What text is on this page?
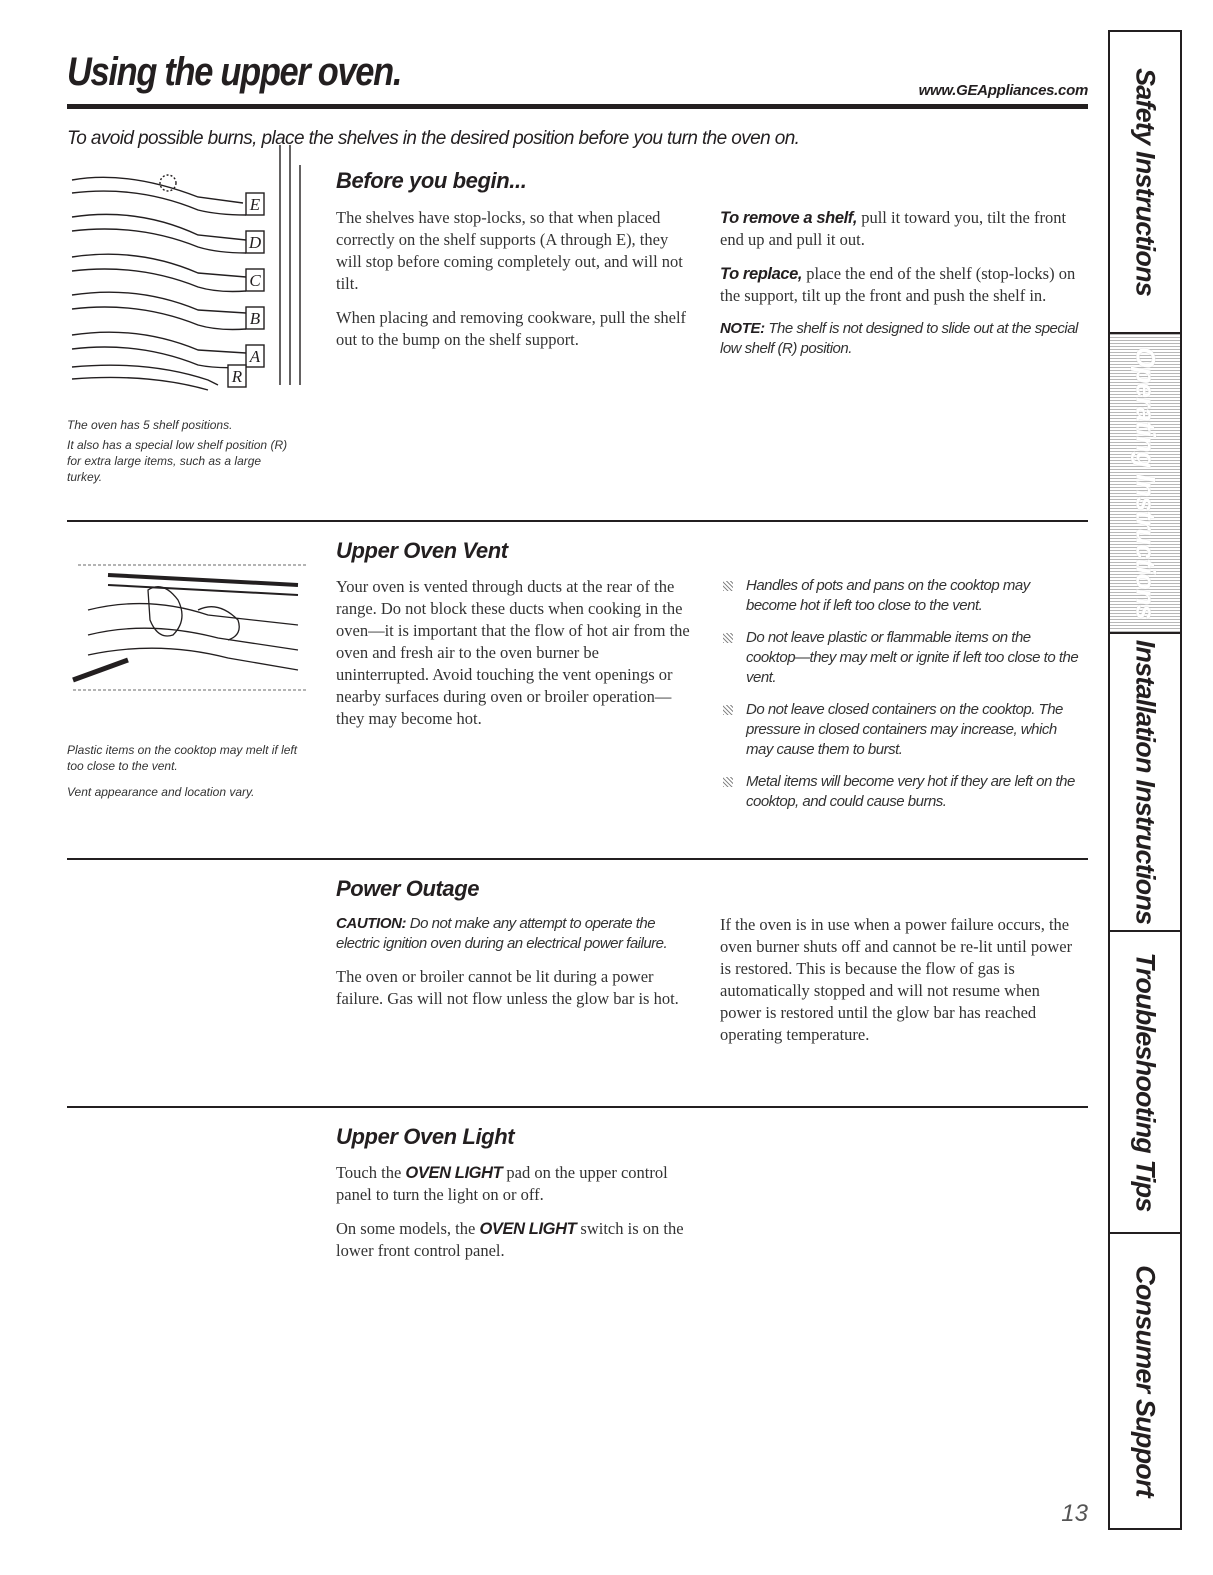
Using the upper oven.	www.GEAppliances.com
To avoid possible burns, place the shelves in the desired position before you turn the oven on.
E
D
C
B
A
R

The oven has 5 shelf positions.

It also has a special low shelf position (R) for extra large items, such as a large turkey.

Before you begin...

The shelves have stop-locks, so that when placed correctly on the shelf supports (A through E), they will stop before coming completely out, and will not tilt.

When placing and removing cookware, pull the shelf out to the bump on the shelf support.

To remove a shelf, pull it toward you, tilt the front end up and pull it out.

To replace, place the end of the shelf (stop-locks) on the support, tilt up the front and push the shelf in.

NOTE: The shelf is not designed to slide out at the special low shelf (R) position.

Plastic items on the cooktop may melt if left too close to the vent.

Vent appearance and location vary.

Upper Oven Vent

Your oven is vented through ducts at the rear of the range. Do not block these ducts when cooking in the oven—it is important that the flow of hot air from the oven and fresh air to the oven burner be uninterrupted. Avoid touching the vent openings or nearby surfaces during oven or broiler operation—they may become hot.

Handles of pots and pans on the cooktop may become hot if left too close to the vent.
Do not leave plastic or flammable items on the cooktop—they may melt or ignite if left too close to the vent.
Do not leave closed containers on the cooktop. The pressure in closed containers may increase, which may cause them to burst.
Metal items will become very hot if they are left on the cooktop, and could cause burns.
Power Outage

CAUTION: Do not make any attempt to operate the electric ignition oven during an electrical power failure.

The oven or broiler cannot be lit during a power failure. Gas will not flow unless the glow bar is hot.

If the oven is in use when a power failure occurs, the oven burner shuts off and cannot be re-lit until power is restored. This is because the flow of gas is automatically stopped and will not resume when power is restored until the glow bar has reached operating temperature.

Upper Oven Light

Touch the OVEN LIGHT pad on the upper control panel to turn the light on or off.

On some models, the OVEN LIGHT switch is on the lower front control panel.

13
Safety Instructions
Operating Instructions
Installation Instructions
Troubleshooting Tips
Consumer Support
